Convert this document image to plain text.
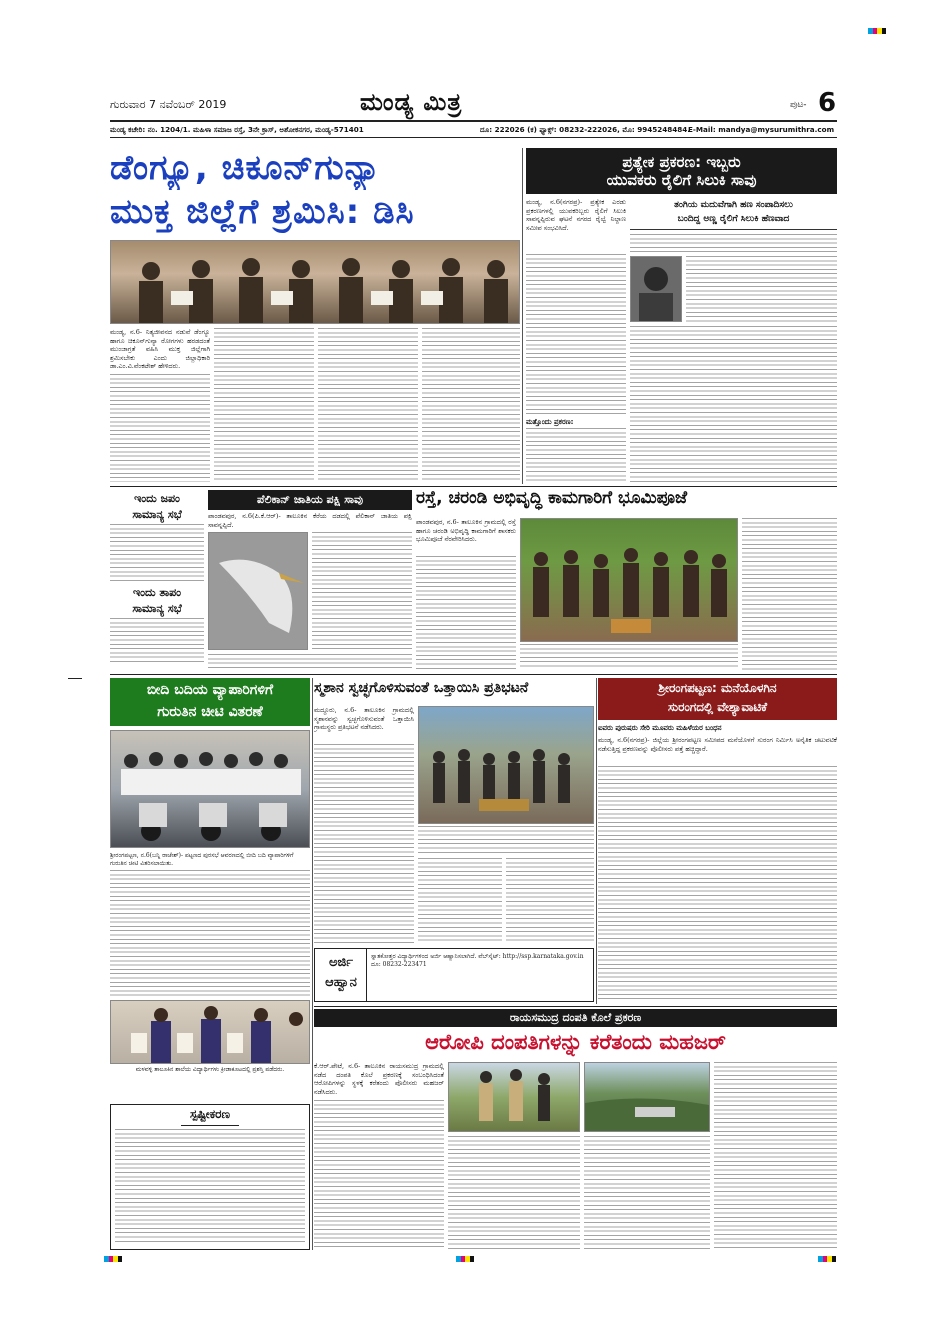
ಗುರುವಾರ 7 ನವೆಂಬರ್ 2019	ಮಂಡ್ಯ ಮಿತ್ರ	ಪುಟ- 6
ಮಂಡ್ಯ ಕಚೇರಿ: ನಂ. 1204/1. ಮಹಿಳಾ ಸಮಾಜ ರಸ್ತೆ, 3ನೇ ಕ್ರಾಸ್, ಅಶೋಕನಗರ, ಮಂಡ್ಯ-571401	ದೂ: 222026 (ಕ) ಫ್ಯಾಕ್ಸ್: 08232-222026, ಮೊ: 9945248484.
E-Mail: mandya@mysurumithra.com
ಡೆಂಗ್ಯೂ, ಚಿಕೂನ್‌ಗುನ್ಯಾ
ಮುಕ್ತ ಜಿಲ್ಲೆಗೆ ಶ್ರಮಿಸಿ: ಡಿಸಿ
ಮಂಡ್ಯ, ನ.6- ನಿತ್ಯಜೀವನದ ನಡುವೆ ಡೆಂಗ್ಯೂ ಹಾಗೂ ಚಿಕೂನ್‌ಗುನ್ಯಾ ರೋಗಗಳು ಹರಡದಂತೆ ಮುಂಜಾಗ್ರತೆ ವಹಿಸಿ ಮುಕ್ತ ಜಿಲ್ಲೆಗಾಗಿ ಶ್ರಮಿಸಬೇಕು ಎಂದು ಜಿಲ್ಲಾಧಿಕಾರಿ ಡಾ.ಎಂ.ವಿ.ವೆಂಕಟೇಶ್ ಹೇಳಿದರು.
ಪ್ರತ್ಯೇಕ ಪ್ರಕರಣ: ಇಬ್ಬರು
ಯುವಕರು ರೈಲಿಗೆ ಸಿಲುಕಿ ಸಾವು
ಮಂಡ್ಯ, ನ.6(ನಗರಪ್ರ)- ಪ್ರತ್ಯೇಕ ಎರಡು ಪ್ರಕರಣಗಳಲ್ಲಿ ಯುವಕರಿಬ್ಬರು ರೈಲಿಗೆ ಸಿಲುಕಿ ಸಾವನ್ನಪ್ಪಿರುವ ಘಟನೆ ನಗರದ ರೈಲ್ವೆ ನಿಲ್ದಾಣ ಸಮೀಪ ಸಂಭವಿಸಿದೆ.
ಮತ್ತೊಂದು ಪ್ರಕರಣ:
ತಂಗಿಯ ಮದುವೆಗಾಗಿ ಹಣ ಸಂಪಾದಿಸಲು
ಬಂದಿದ್ದ ಅಣ್ಣ ರೈಲಿಗೆ ಸಿಲುಕಿ ಹೆಣವಾದ
ಇಂದು ಜಪಂ
ಸಾಮಾನ್ಯ ಸಭೆ
ಇಂದು ತಾಪಂ
ಸಾಮಾನ್ಯ ಸಭೆ
ಪೆಲಿಕಾನ್ ಜಾತಿಯ ಪಕ್ಷಿ ಸಾವು
ಪಾಂಡವಪುರ, ನ.6(ಪಿ.ಕೆ.ಆರ್)- ತಾಲೂಕಿನ ಕೆರೆಯ ದಡದಲ್ಲಿ ಪೆಲಿಕಾನ್ ಜಾತಿಯ ಪಕ್ಷಿ ಸಾವನ್ನಪ್ಪಿದೆ.
ರಸ್ತೆ, ಚರಂಡಿ ಅಭಿವೃದ್ಧಿ ಕಾಮಗಾರಿಗೆ ಭೂಮಿಪೂಜೆ
ಪಾಂಡವಪುರ, ನ.6- ತಾಲೂಕಿನ ಗ್ರಾಮದಲ್ಲಿ ರಸ್ತೆ ಹಾಗೂ ಚರಂಡಿ ಅಭಿವೃದ್ಧಿ ಕಾಮಗಾರಿಗೆ ಶಾಸಕರು ಭೂಮಿಪೂಜೆ ನೆರವೇರಿಸಿದರು.
ಬೀದಿ ಬದಿಯ ವ್ಯಾಪಾರಿಗಳಿಗೆ
ಗುರುತಿನ ಚೀಟಿ ವಿತರಣೆ
ಶ್ರೀರಂಗಪಟ್ಟಣ, ನ.6(ಬನ್ನಿ ರಾಜೇಶ್)- ಪಟ್ಟಣದ ಪುರಸಭೆ ಆವರಣದಲ್ಲಿ ಬೀದಿ ಬದಿ ವ್ಯಾಪಾರಿಗಳಿಗೆ ಗುರುತಿನ ಚೀಟಿ ವಿತರಿಸಲಾಯಿತು.
ಮಳವಳ್ಳಿ ತಾಲೂಕಿನ ಶಾಲೆಯ ವಿದ್ಯಾರ್ಥಿಗಳು ಕ್ರೀಡಾಕೂಟದಲ್ಲಿ ಪ್ರಶಸ್ತಿ ಪಡೆದರು.
ಸ್ಪಷ್ಟೀಕರಣ
ಸ್ಮಶಾನ ಸ್ವಚ್ಛಗೊಳಿಸುವಂತೆ ಒತ್ತಾಯಿಸಿ ಪ್ರತಿಭಟನೆ
ಮದ್ದೂರು, ನ.6- ತಾಲೂಕಿನ ಗ್ರಾಮದಲ್ಲಿ ಸ್ಮಶಾನವನ್ನು ಸ್ವಚ್ಛಗೊಳಿಸುವಂತೆ ಒತ್ತಾಯಿಸಿ ಗ್ರಾಮಸ್ಥರು ಪ್ರತಿಭಟನೆ ನಡೆಸಿದರು.
ಅರ್ಜಿ
ಆಹ್ವಾನ
ಸ್ನಾತಕೋತ್ತರ ವಿದ್ಯಾರ್ಥಿಗಳಿಂದ ಅರ್ಜಿ ಆಹ್ವಾನಿಸಲಾಗಿದೆ. ವೆಬ್‌ಸೈಟ್: http://ssp.karnataka.gov.in ದೂ: 08232-223471
ಶ್ರೀರಂಗಪಟ್ಟಣ: ಮನೆಯೊಳಗಿನ
ಸುರಂಗದಲ್ಲಿ ವೇಶ್ಯಾವಾಟಿಕೆ
ಐವರು ಪುರುಷರು ಸೇರಿ ಮೂವರು ಮಹಿಳೆಯರ ಬಂಧನ
ಮಂಡ್ಯ, ನ.6(ನಗರಪ್ರ)- ಜಿಲ್ಲೆಯ ಶ್ರೀರಂಗಪಟ್ಟಣ ಸಮೀಪದ ಮನೆಯೊಳಗೆ ಸುರಂಗ ನಿರ್ಮಿಸಿ ಅನೈತಿಕ ಚಟುವಟಿಕೆ ನಡೆಸುತ್ತಿದ್ದ ಪ್ರಕರಣವನ್ನು ಪೊಲೀಸರು ಪತ್ತೆ ಹಚ್ಚಿದ್ದಾರೆ.
ರಾಯಸಮುದ್ರ ದಂಪತಿ ಕೊಲೆ ಪ್ರಕರಣ
ಆರೋಪಿ ದಂಪತಿಗಳನ್ನು ಕರೆತಂದು ಮಹಜರ್
ಕೆ.ಆರ್.ಪೇಟೆ, ನ.6- ತಾಲೂಕಿನ ರಾಯಸಮುದ್ರ ಗ್ರಾಮದಲ್ಲಿ ನಡೆದ ದಂಪತಿ ಕೊಲೆ ಪ್ರಕರಣಕ್ಕೆ ಸಂಬಂಧಿಸಿದಂತೆ ಆರೋಪಿಗಳನ್ನು ಸ್ಥಳಕ್ಕೆ ಕರೆತಂದು ಪೊಲೀಸರು ಮಹಜರ್ ನಡೆಸಿದರು.
